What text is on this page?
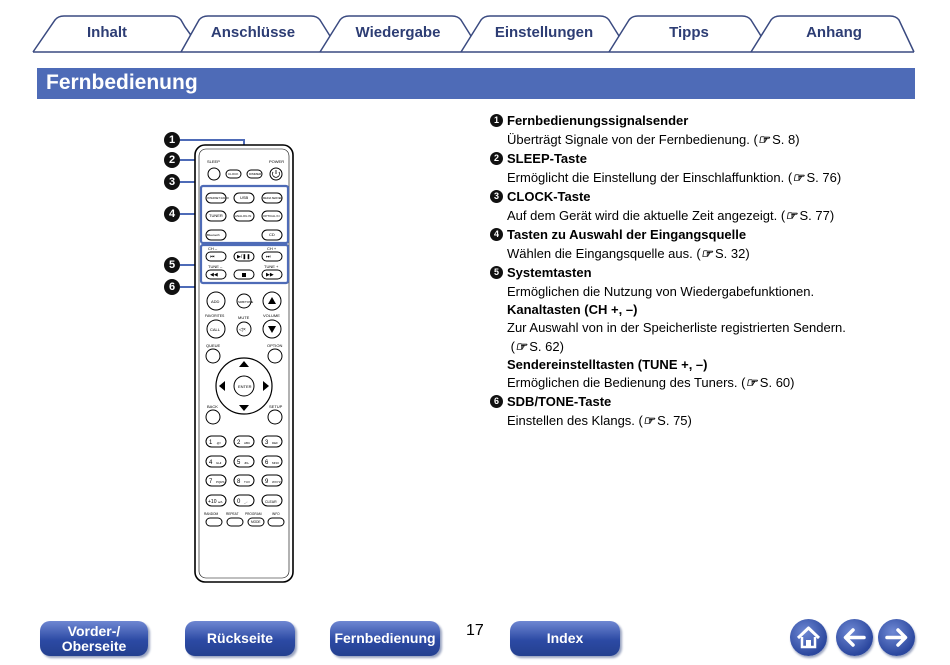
Inhalt	Anschlüsse	Wiedergabe	Einstellungen	Tipps	Anhang
Fernbedienung
SLEEP	POWER
CLOCK	DIMMER
INTERNET RADIO	USB	MEDIA SERVER
TUNER	ANALOG IN	OPTICAL IN
Bluetooth	CD
CH –	CH +
⏮	▶/❚❚	⏭
TUNE –	TUNE +
◀◀	▶▶
ADD	SDB/TONE
FAVORITES	MUTE	VOLUME
CALL	◁×
QUEUE	OPTION
ENTER
BACK	SETUP
1 .@/	2 ABC 3 DEF
4 GHI	5 JKL	6 MNO
7 PQRS 8 TUV	9 WXYZ
+10 a/A 0	_-:	CLEAR
RANDOM REPEAT PROGRAM	INFO
MODE
1
2
3
4
5
6
1 Fernbedienungssignalsender
Überträgt Signale von der Fernbedienung. (☞ S. 8)
2 SLEEP-Taste
Ermöglicht die Einstellung der Einschlaffunktion. (☞ S. 76)
3 CLOCK-Taste
Auf dem Gerät wird die aktuelle Zeit angezeigt. (☞ S. 77)
4 Tasten zu Auswahl der Eingangsquelle
Wählen die Eingangsquelle aus. (☞ S. 32)
5 Systemtasten
Ermöglichen die Nutzung von Wiedergabefunktionen.
Kanaltasten (CH +, –)
Zur Auswahl von in der Speicherliste registrierten Sendern.
(☞ S. 62)
Sendereinstelltasten (TUNE +, –)
Ermöglichen die Bedienung des Tuners. (☞ S. 60)
6 SDB/TONE-Taste
Einstellen des Klangs. (☞ S. 75)
Vorder-/
Oberseite	Rückseite	Fernbedienung 17	Index
